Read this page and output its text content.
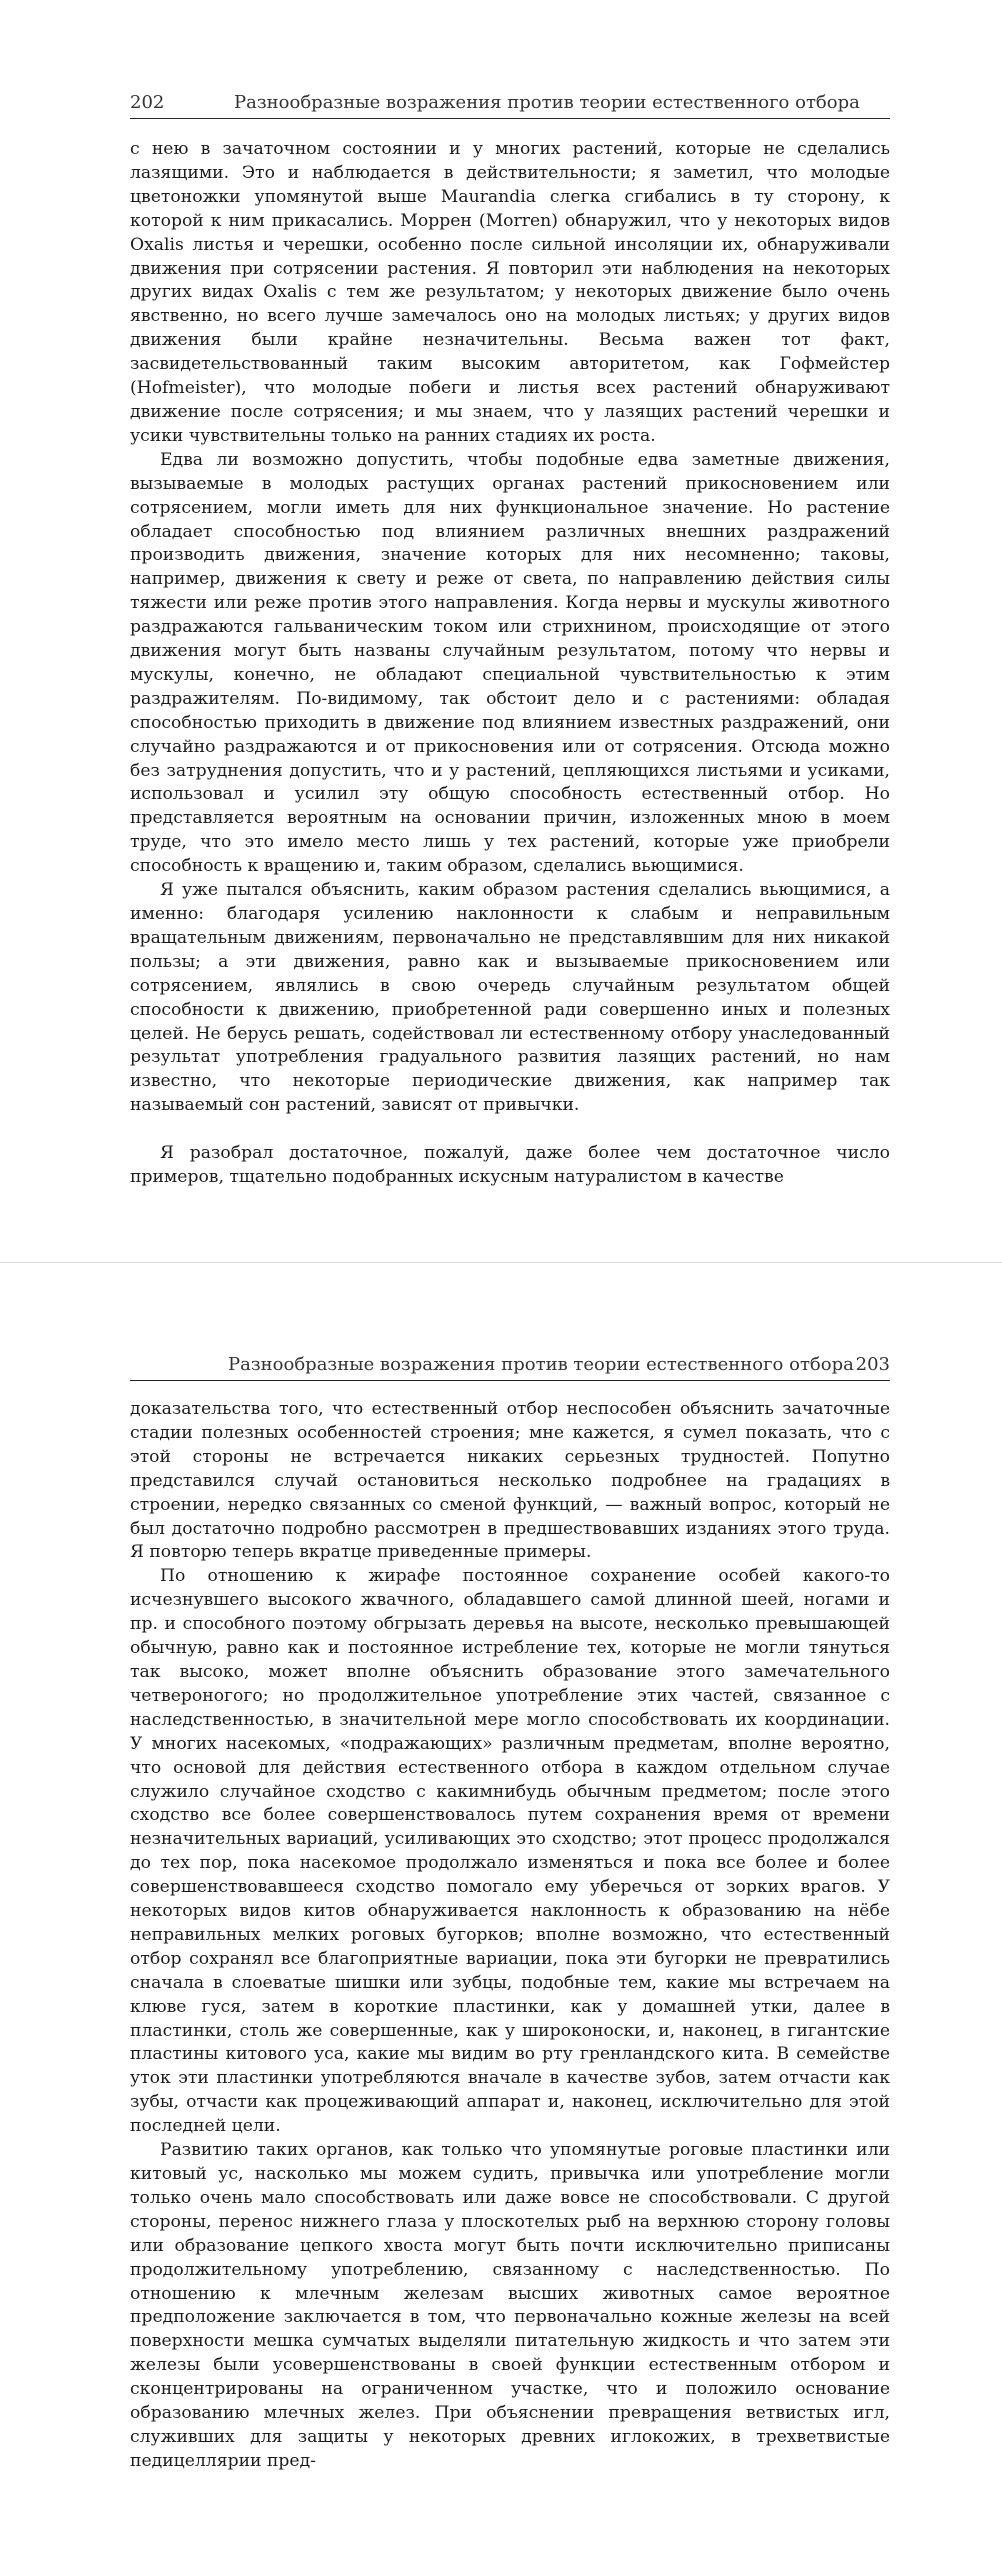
202	Разнообразные возражения против теории естественного отбора

с нею в зачаточном состоянии и у многих растений, которые не сделались лазящими. Это и наблюдается в действительности; я заметил, что молодые цветоножки упомянутой выше Maurandia слегка сгибались в ту сторону, к которой к ним прикасались. Моррен (Morren) обнаружил, что у некоторых видов Oxalis листья и черешки, особенно после сильной инсоляции их, обнаруживали движения при сотрясении растения. Я повторил эти наблюдения на некоторых других видах Oxalis с тем же результатом; у некоторых движение было очень явственно, но всего лучше замечалось оно на молодых листьях; у других видов движения были крайне незначительны. Весьма важен тот факт, засвидетельствованный таким высоким авторитетом, как Гофмейстер (Hofmeister), что молодые побеги и листья всех растений обнаруживают движение после сотрясения; и мы знаем, что у лазящих растений черешки и усики чувствительны только на ранних стадиях их роста.

Едва ли возможно допустить, чтобы подобные едва заметные движения, вызываемые в молодых растущих органах растений прикосновением или сотрясением, могли иметь для них функциональное значение. Но растение обладает способностью под влиянием различных внешних раздражений производить движения, значение которых для них несомненно; таковы, например, движения к свету и реже от света, по направлению действия силы тяжести или реже против этого направления. Когда нервы и мускулы животного раздражаются гальваническим током или стрихнином, происходящие от этого движения могут быть названы случайным результатом, потому что нервы и мускулы, конечно, не обладают специальной чувствительностью к этим раздражителям. По-видимому, так обстоит дело и с растениями: обладая способностью приходить в движение под влиянием известных раздражений, они случайно раздражаются и от прикосновения или от сотрясения. Отсюда можно без затруднения допустить, что и у растений, цепляющихся листьями и усиками, использовал и усилил эту общую способность естественный отбор. Но представляется вероятным на основании причин, изложенных мною в моем труде, что это имело место лишь у тех растений, которые уже приобрели способность к вращению и, таким образом, сделались вьющимися.

Я уже пытался объяснить, каким образом растения сделались вьющимися, а именно: благодаря усилению наклонности к слабым и неправильным вращательным движениям, первоначально не представлявшим для них никакой пользы; а эти движения, равно как и вызываемые прикосновением или сотрясением, являлись в свою очередь случайным результатом общей способности к движению, приобретенной ради совершенно иных и полезных целей. Не берусь решать, содействовал ли естественному отбору унаследованный результат употребления градуального развития лазящих растений, но нам известно, что некоторые периодические движения, как например так называемый сон растений, зависят от привычки.

Я разобрал достаточное, пожалуй, даже более чем достаточное число примеров, тщательно подобранных искусным натуралистом в качестве

Разнообразные возражения против теории естественного отбора 203

доказательства того, что естественный отбор неспособен объяснить зачаточные стадии полезных особенностей строения; мне кажется, я сумел показать, что с этой стороны не встречается никаких серьезных трудностей. Попутно представился случай остановиться несколько подробнее на градациях в строении, нередко связанных со сменой функций, — важный вопрос, который не был достаточно подробно рассмотрен в предшествовавших изданиях этого труда. Я повторю теперь вкратце приведенные примеры.

По отношению к жирафе постоянное сохранение особей какого-то исчезнувшего высокого жвачного, обладавшего самой длинной шеей, ногами и пр. и способного поэтому обгрызать деревья на высоте, несколько превышающей обычную, равно как и постоянное истребление тех, которые не могли тянуться так высоко, может вполне объяснить образование этого замечательного четвероногого; но продолжительное употребление этих частей, связанное с наследственностью, в значительной мере могло способствовать их координации. У многих насекомых, «подражающих» различным предметам, вполне вероятно, что основой для действия естественного отбора в каждом отдельном случае служило случайное сходство с какимнибудь обычным предметом; после этого сходство все более совершенствовалось путем сохранения время от времени незначительных вариаций, усиливающих это сходство; этот процесс продолжался до тех пор, пока насекомое продолжало изменяться и пока все более и более совершенствовавшееся сходство помогало ему уберечься от зорких врагов. У некоторых видов китов обнаруживается наклонность к образованию на нёбе неправильных мелких роговых бугорков; вполне возможно, что естественный отбор сохранял все благоприятные вариации, пока эти бугорки не превратились сначала в слоеватые шишки или зубцы, подобные тем, какие мы встречаем на клюве гуся, затем в короткие пластинки, как у домашней утки, далее в пластинки, столь же совершенные, как у широконоски, и, наконец, в гигантские пластины китового уса, какие мы видим во рту гренландского кита. В семействе уток эти пластинки употребляются вначале в качестве зубов, затем отчасти как зубы, отчасти как процеживающий аппарат и, наконец, исключительно для этой последней цели.

Развитию таких органов, как только что упомянутые роговые пластинки или китовый ус, насколько мы можем судить, привычка или употребление могли только очень мало способствовать или даже вовсе не способствовали. С другой стороны, перенос нижнего глаза у плоскотелых рыб на верхнюю сторону головы или образование цепкого хвоста могут быть почти исключительно приписаны продолжительному употреблению, связанному с наследственностью. По отношению к млечным железам высших животных самое вероятное предположение заключается в том, что первоначально кожные железы на всей поверхности мешка сумчатых выделяли питательную жидкость и что затем эти железы были усовершенствованы в своей функции естественным отбором и сконцентрированы на ограниченном участке, что и положило основание образованию млечных желез. При объяснении превращения ветвистых игл, служивших для защиты у некоторых древних иглокожих, в трехветвистые педицеллярии пред-
